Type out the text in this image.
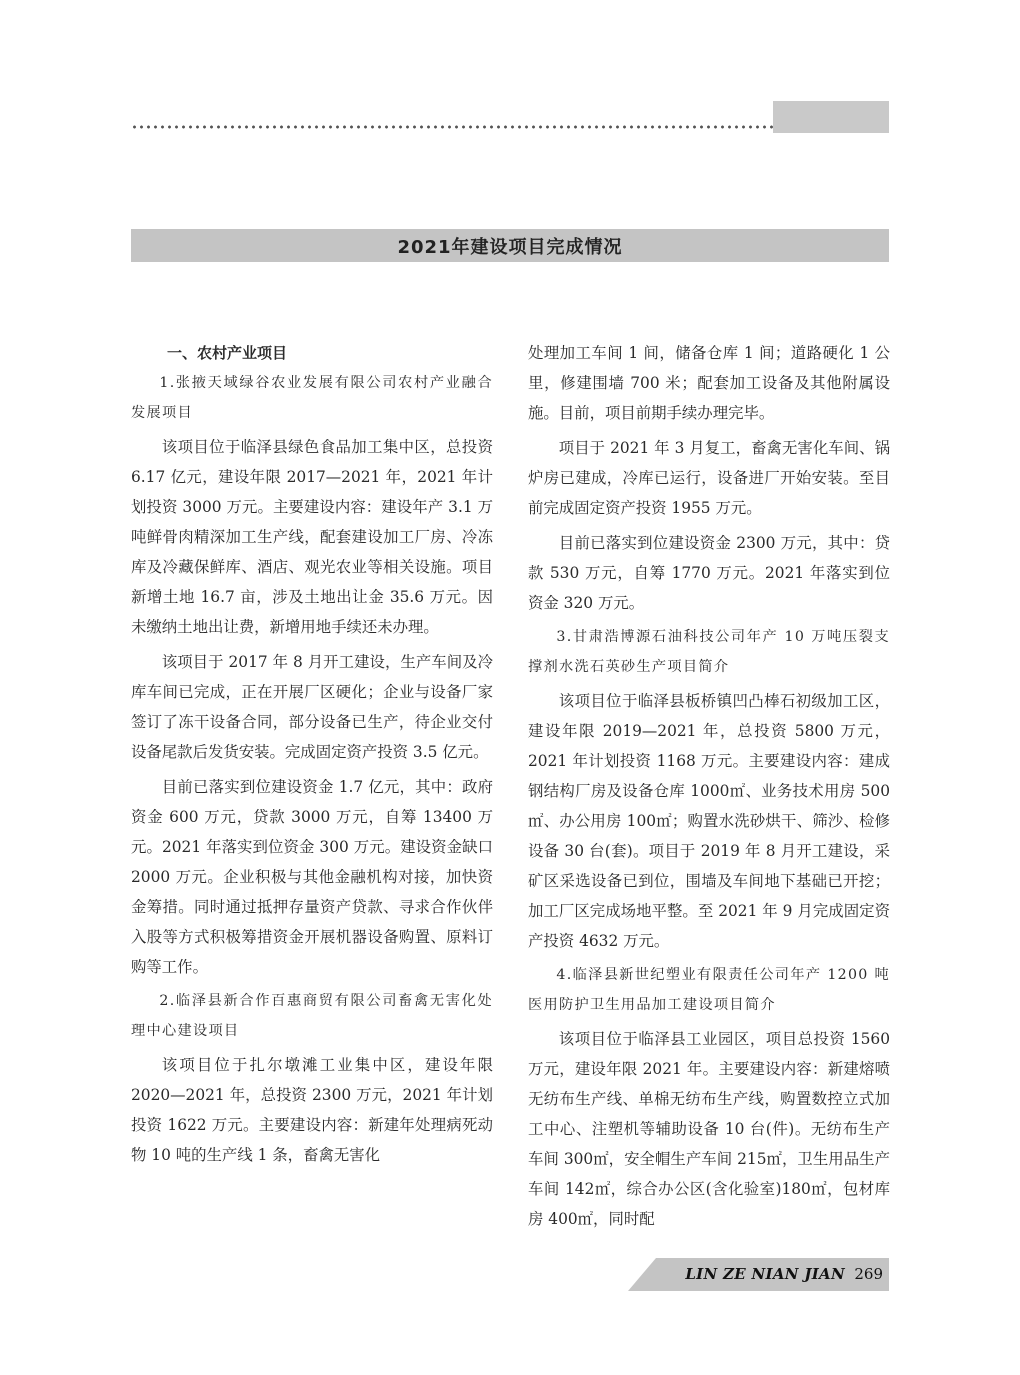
2021年建设项目完成情况

一、农村产业项目

1.张掖天域绿谷农业发展有限公司农村产业融合发展项目

该项目位于临泽县绿色食品加工集中区，总投资 6.17 亿元，建设年限 2017—2021 年，2021 年计划投资 3000 万元。主要建设内容：建设年产 3.1 万吨鲜骨肉精深加工生产线，配套建设加工厂房、冷冻库及冷藏保鲜库、酒店、观光农业等相关设施。项目新增土地 16.7 亩，涉及土地出让金 35.6 万元。因未缴纳土地出让费，新增用地手续还未办理。

该项目于 2017 年 8 月开工建设，生产车间及冷库车间已完成，正在开展厂区硬化；企业与设备厂家签订了冻干设备合同，部分设备已生产，待企业交付设备尾款后发货安装。完成固定资产投资 3.5 亿元。

目前已落实到位建设资金 1.7 亿元，其中：政府资金 600 万元，贷款 3000 万元，自筹 13400 万元。2021 年落实到位资金 300 万元。建设资金缺口 2000 万元。企业积极与其他金融机构对接，加快资金筹措。同时通过抵押存量资产贷款、寻求合作伙伴入股等方式积极筹措资金开展机器设备购置、原料订购等工作。

2.临泽县新合作百惠商贸有限公司畜禽无害化处理中心建设项目

该项目位于扎尔墩滩工业集中区，建设年限 2020—2021 年，总投资 2300 万元，2021 年计划投资 1622 万元。主要建设内容：新建年处理病死动物 10 吨的生产线 1 条，畜禽无害化

处理加工车间 1 间，储备仓库 1 间；道路硬化 1 公里，修建围墙 700 米；配套加工设备及其他附属设施。目前，项目前期手续办理完毕。

项目于 2021 年 3 月复工，畜禽无害化车间、锅炉房已建成，冷库已运行，设备进厂开始安装。至目前完成固定资产投资 1955 万元。

目前已落实到位建设资金 2300 万元，其中：贷款 530 万元，自筹 1770 万元。2021 年落实到位资金 320 万元。

3.甘肃浩博源石油科技公司年产 10 万吨压裂支撑剂水洗石英砂生产项目简介

该项目位于临泽县板桥镇凹凸棒石初级加工区，建设年限 2019—2021 年，总投资 5800 万元，2021 年计划投资 1168 万元。主要建设内容：建成钢结构厂房及设备仓库 1000㎡、业务技术用房 500㎡、办公用房 100㎡；购置水洗砂烘干、筛沙、检修设备 30 台(套)。项目于 2019 年 8 月开工建设，采矿区采选设备已到位，围墙及车间地下基础已开挖；加工厂区完成场地平整。至 2021 年 9 月完成固定资产投资 4632 万元。

4.临泽县新世纪塑业有限责任公司年产 1200 吨医用防护卫生用品加工建设项目简介

该项目位于临泽县工业园区，项目总投资 1560 万元，建设年限 2021 年。主要建设内容：新建熔喷无纺布生产线、单棉无纺布生产线，购置数控立式加工中心、注塑机等辅助设备 10 台(件)。无纺布生产车间 300㎡，安全帽生产车间 215㎡，卫生用品生产车间 142㎡，综合办公区(含化验室)180㎡，包材库房 400㎡，同时配

LIN ZE NIAN JIAN 269
